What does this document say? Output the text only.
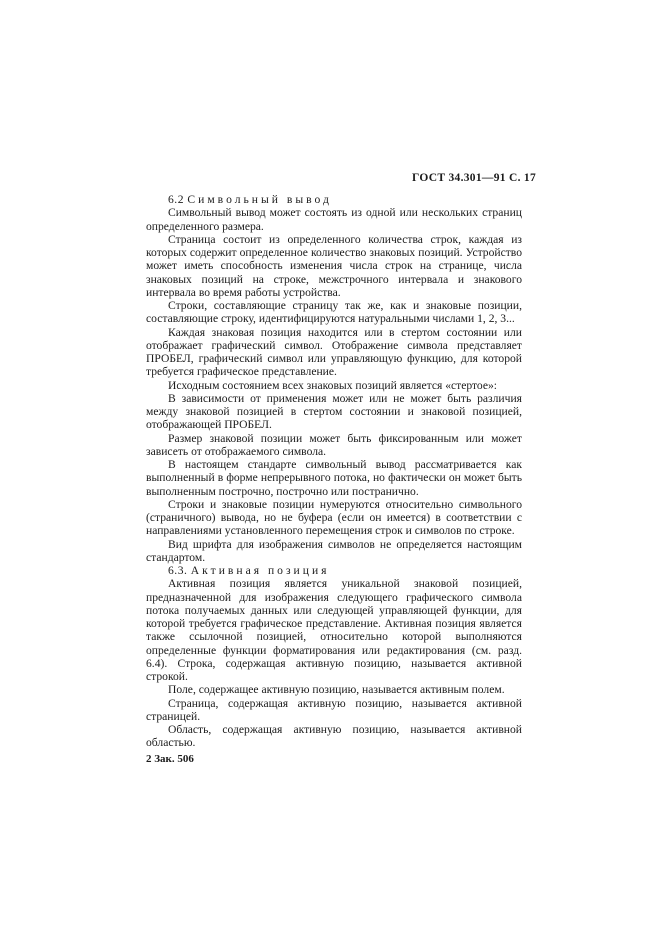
ГОСТ 34.301—91 С. 17
6.2 Символьный вывод

Символьный вывод может состоять из одной или нескольких страниц определенного размера.

Страница состоит из определенного количества строк, каждая из которых содержит определенное количество знаковых позиций. Устройство может иметь способность изменения числа строк на странице, числа знаковых позиций на строке, межстрочного интервала и знакового интервала во время работы устройства.

Строки, составляющие страницу так же, как и знаковые позиции, составляющие строку, идентифицируются натуральными числами 1, 2, 3...

Каждая знаковая позиция находится или в стертом состоянии или отображает графический символ. Отображение символа представляет ПРОБЕЛ, графический символ или управляющую функцию, для которой требуется графическое представление.

Исходным состоянием всех знаковых позиций является «стертое»:

В зависимости от применения может или не может быть различия между знаковой позицией в стертом состоянии и знаковой позицией, отображающей ПРОБЕЛ.

Размер знаковой позиции может быть фиксированным или может зависеть от отображаемого символа.

В настоящем стандарте символьный вывод рассматривается как выполненный в форме непрерывного потока, но фактически он может быть выполненным построчно, построчно или постранично.

Строки и знаковые позиции нумеруются относительно символьного (страничного) вывода, но не буфера (если он имеется) в соответствии с направлениями установленного перемещения строк и символов по строке.

Вид шрифта для изображения символов не определяется настоящим стандартом.

6.3. Активная позиция

Активная позиция является уникальной знаковой позицией, предназначенной для изображения следующего графического символа потока получаемых данных или следующей управляющей функции, для которой требуется графическое представление. Активная позиция является также ссылочной позицией, относительно которой выполняются определенные функции форматирования или редактирования (см. разд. 6.4). Строка, содержащая активную позицию, называется активной строкой.

Поле, содержащее активную позицию, называется активным полем.

Страница, содержащая активную позицию, называется активной страницей.

Область, содержащая активную позицию, называется активной областью.

2 Зак. 506
